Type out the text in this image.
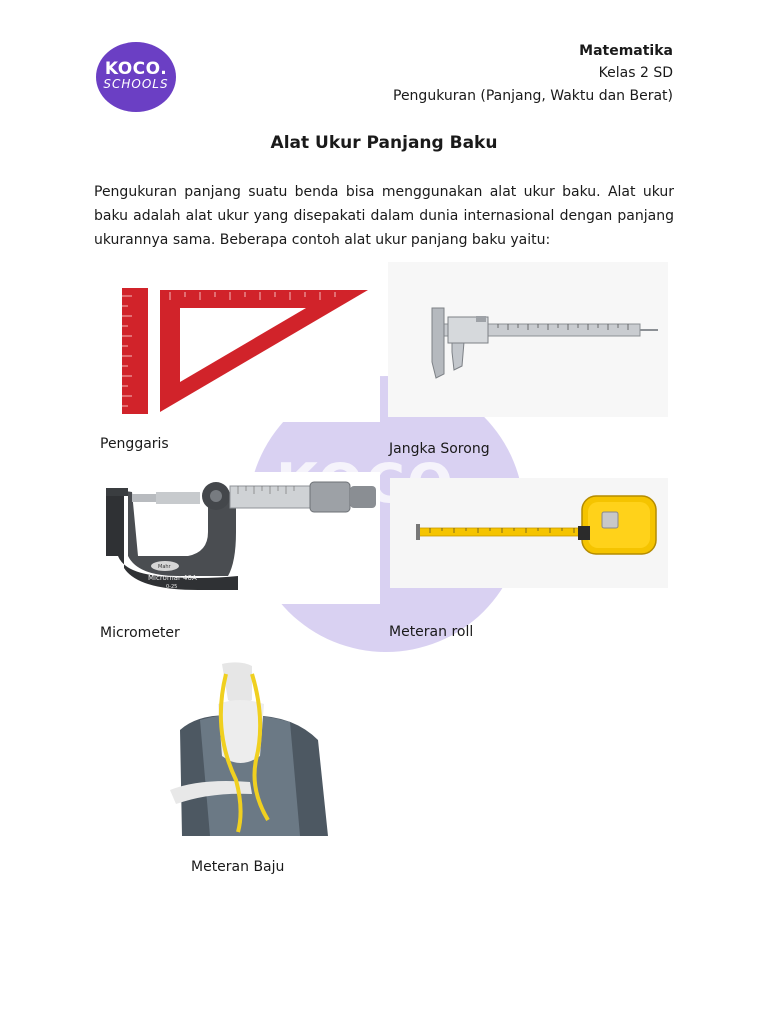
KOCO.
SCHOOLS
Matematika
Kelas 2 SD
Pengukuran (Panjang, Waktu dan Berat)
Alat Ukur Panjang Baku
Pengukuran panjang suatu benda bisa menggunakan alat ukur baku. Alat ukur baku adalah alat ukur yang disepakati dalam dunia internasional dengan panjang ukurannya sama. Beberapa contoh alat ukur panjang baku yaitu:
Penggaris	Jangka Sorong
Mahr
Micromar 40A
0-25
Micrometer	Meteran roll
Meteran Baju
